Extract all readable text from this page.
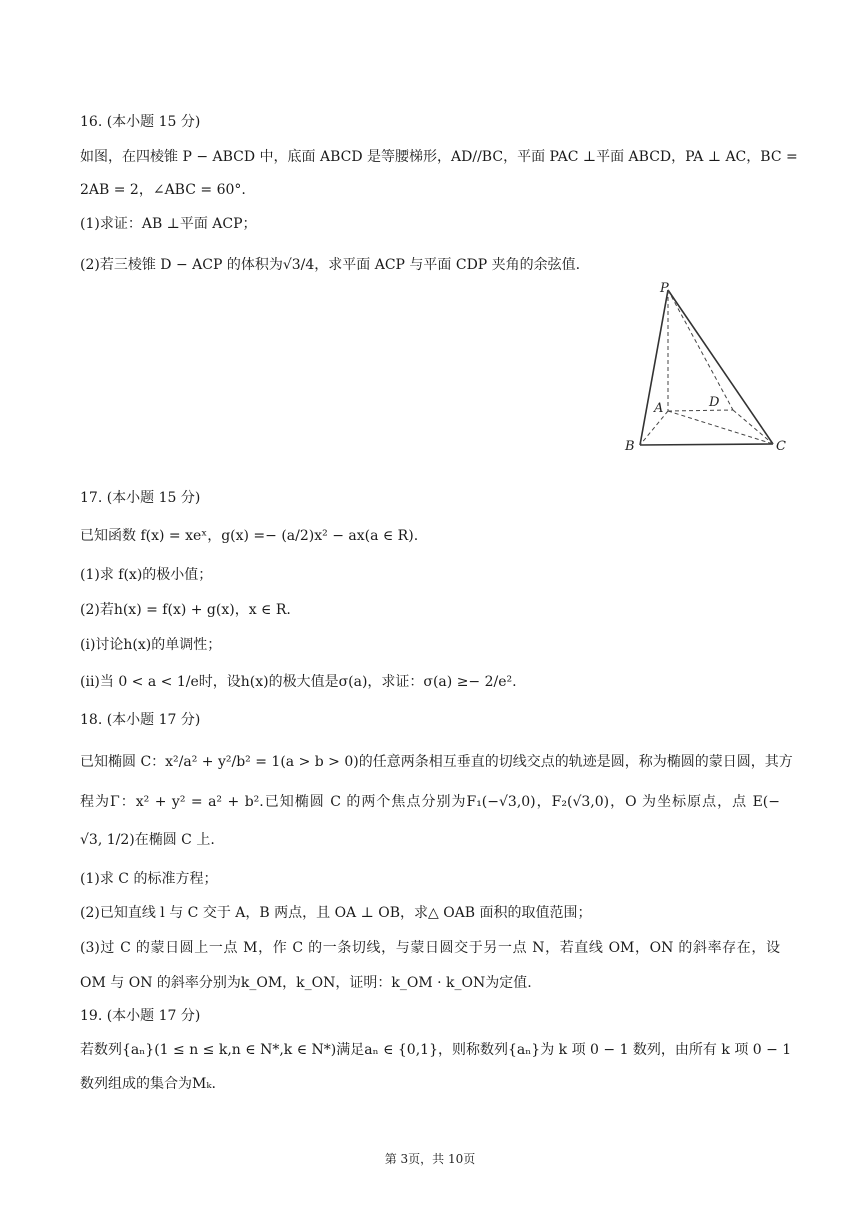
16. (本小题 15 分)
如图，在四棱锥 P − ABCD 中，底面 ABCD 是等腰梯形，AD//BC，平面 PAC ⊥平面 ABCD，PA ⊥ AC，BC =
2AB = 2，∠ABC = 60°.
(1)求证：AB ⊥平面 ACP；
(2)若三棱锥 D − ACP 的体积为√3/4，求平面 ACP 与平面 CDP 夹角的余弦值.
P
A	D
B	C
17. (本小题 15 分)
已知函数 f(x) = xeˣ，g(x) =− (a/2)x² − ax(a ∈ R).
(1)求 f(x)的极小值；
(2)若h(x) = f(x) + g(x)，x ∈ R.
(i)讨论h(x)的单调性；
(ii)当 0 < a < 1/e时，设h(x)的极大值是σ(a)，求证：σ(a) ≥− 2/e².
18. (本小题 17 分)
已知椭圆 C：x²/a² + y²/b² = 1(a > b > 0)的任意两条相互垂直的切线交点的轨迹是圆，称为椭圆的蒙日圆，其方
程为Γ：x² + y² = a² + b².已知椭圆 C 的两个焦点分别为F₁(−√3,0)，F₂(√3,0)，O 为坐标原点，点 E(−
√3, 1/2)在椭圆 C 上.
(1)求 C 的标准方程；
(2)已知直线 l 与 C 交于 A，B 两点，且 OA ⊥ OB，求△ OAB 面积的取值范围；
(3)过 C 的蒙日圆上一点 M，作 C 的一条切线，与蒙日圆交于另一点 N，若直线 OM，ON 的斜率存在，设
OM 与 ON 的斜率分别为k_OM，k_ON，证明：k_OM · k_ON为定值.
19. (本小题 17 分)
若数列{aₙ}(1 ≤ n ≤ k,n ∈ N*,k ∈ N*)满足aₙ ∈ {0,1}，则称数列{aₙ}为 k 项 0 − 1 数列，由所有 k 项 0 − 1
数列组成的集合为Mₖ.
第 3页，共 10页
